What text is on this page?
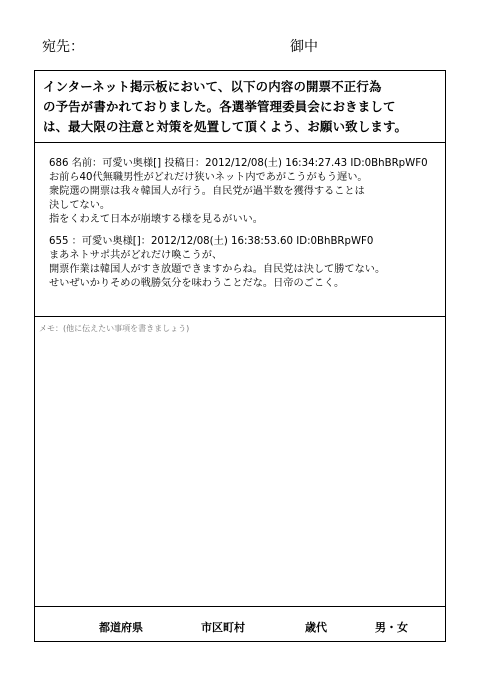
宛先：	御中
インターネット掲示板において、以下の内容の開票不正行為
の予告が書かれておりました。各選挙管理委員会におきまして
は、最大限の注意と対策を処置して頂くよう、お願い致します。
686 名前：可愛い奥様[] 投稿日：2012/12/08(土) 16:34:27.43 ID:0BhBRpWF0
お前ら40代無職男性がどれだけ狭いネット内であがこうがもう遅い。
衆院選の開票は我々韓国人が行う。自民党が過半数を獲得することは
決してない。
指をくわえて日本が崩壊する様を見るがいい。
655 ：可愛い奥様[]：2012/12/08(土) 16:38:53.60 ID:0BhBRpWF0
まあネトサポ共がどれだけ喚こうが、
開票作業は韓国人がすき放題できますからね。自民党は決して勝てない。
せいぜいかりそめの戦勝気分を味わうことだな。日帝のごこく。
メモ：(他に伝えたい事項を書きましょう)
都道府県	市区町村	歳代	男・女
